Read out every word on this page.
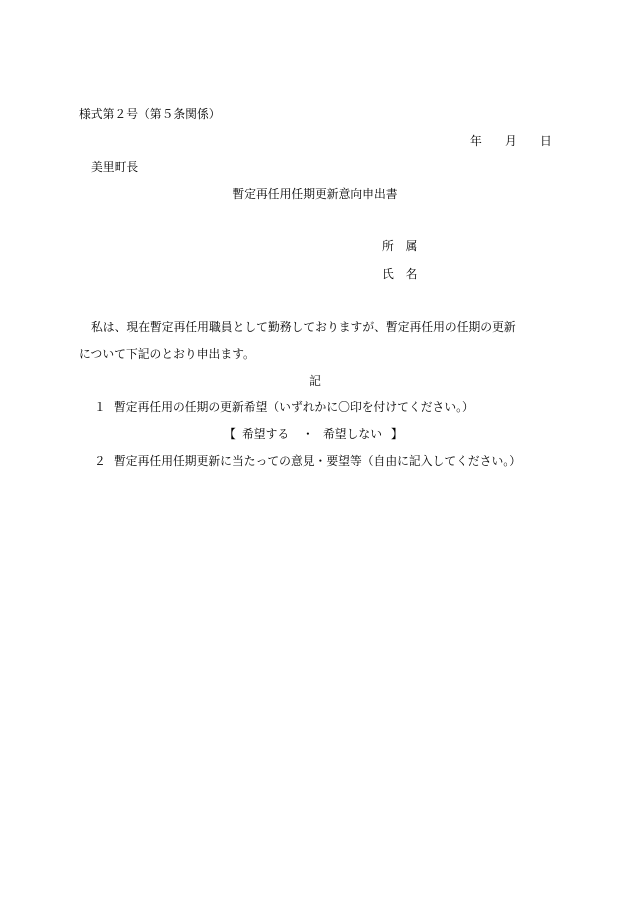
様式第２号（第５条関係）
年 月 日
美里町長
暫定再任用任期更新意向申出書
所　属
氏　名
私は、現在暫定再任用職員として勤務しておりますが、暫定再任用の任期の更新
について下記のとおり申出ます。
記
１ 暫定再任用の任期の更新希望（いずれかに〇印を付けてください。）
【 希望する ・ 希望しない 】
２ 暫定再任用任期更新に当たっての意見・要望等（自由に記入してください。）
